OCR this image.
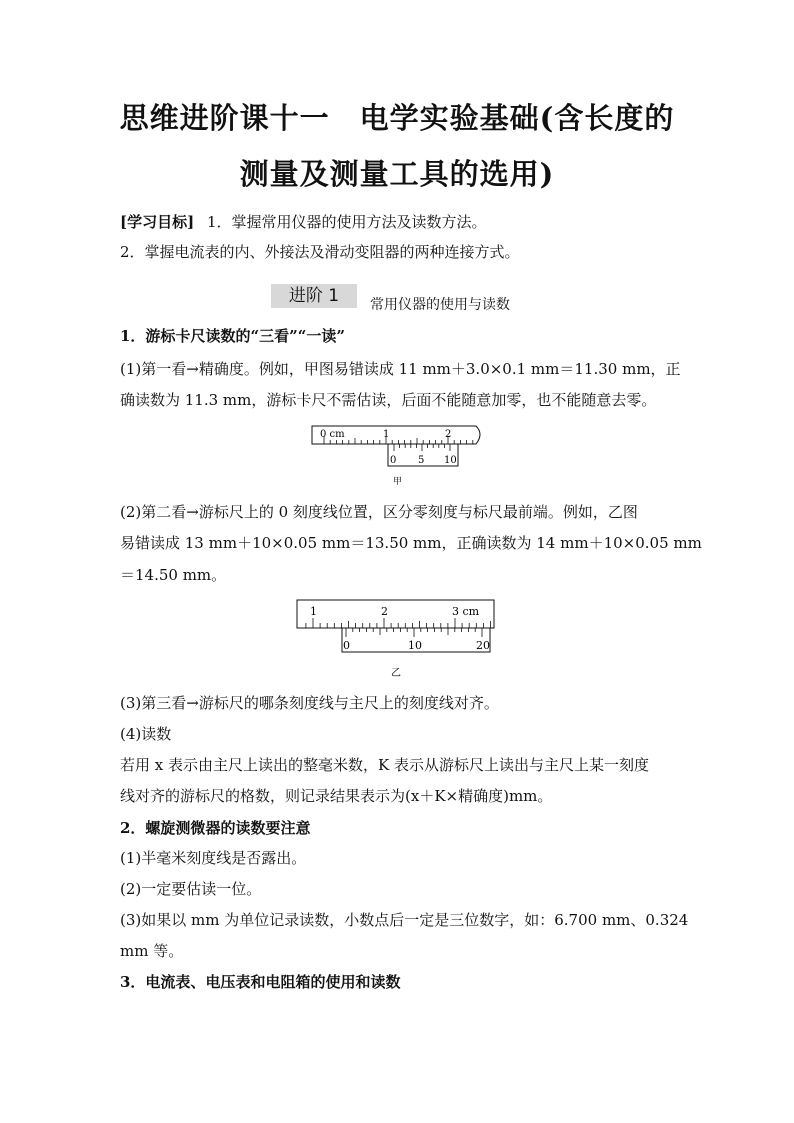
思维进阶课十一　电学实验基础(含长度的
测量及测量工具的选用)
[学习目标] 1．掌握常用仪器的使用方法及读数方法。
2．掌握电流表的内、外接法及滑动变阻器的两种连接方式。
进阶 1	常用仪器的使用与读数
1．游标卡尺读数的“三看”“一读”
(1)第一看→精确度。例如，甲图易错读成 11 mm＋3.0×0.1 mm＝11.30 mm，正
确读数为 11.3 mm，游标卡尺不需估读，后面不能随意加零，也不能随意去零。
0 cm	1	2
0 5 10
甲
(2)第二看→游标尺上的 0 刻度线位置，区分零刻度与标尺最前端。例如，乙图
易错读成 13 mm＋10×0.05 mm＝13.50 mm，正确读数为 14 mm＋10×0.05 mm
＝14.50 mm。
1	2	3 cm
0	10	20
乙
(3)第三看→游标尺的哪条刻度线与主尺上的刻度线对齐。
(4)读数
若用 x 表示由主尺上读出的整毫米数，K 表示从游标尺上读出与主尺上某一刻度
线对齐的游标尺的格数，则记录结果表示为(x＋K×精确度)mm。
2．螺旋测微器的读数要注意
(1)半毫米刻度线是否露出。
(2)一定要估读一位。
(3)如果以 mm 为单位记录读数，小数点后一定是三位数字，如：6.700 mm、0.324
mm 等。
3．电流表、电压表和电阻箱的使用和读数
